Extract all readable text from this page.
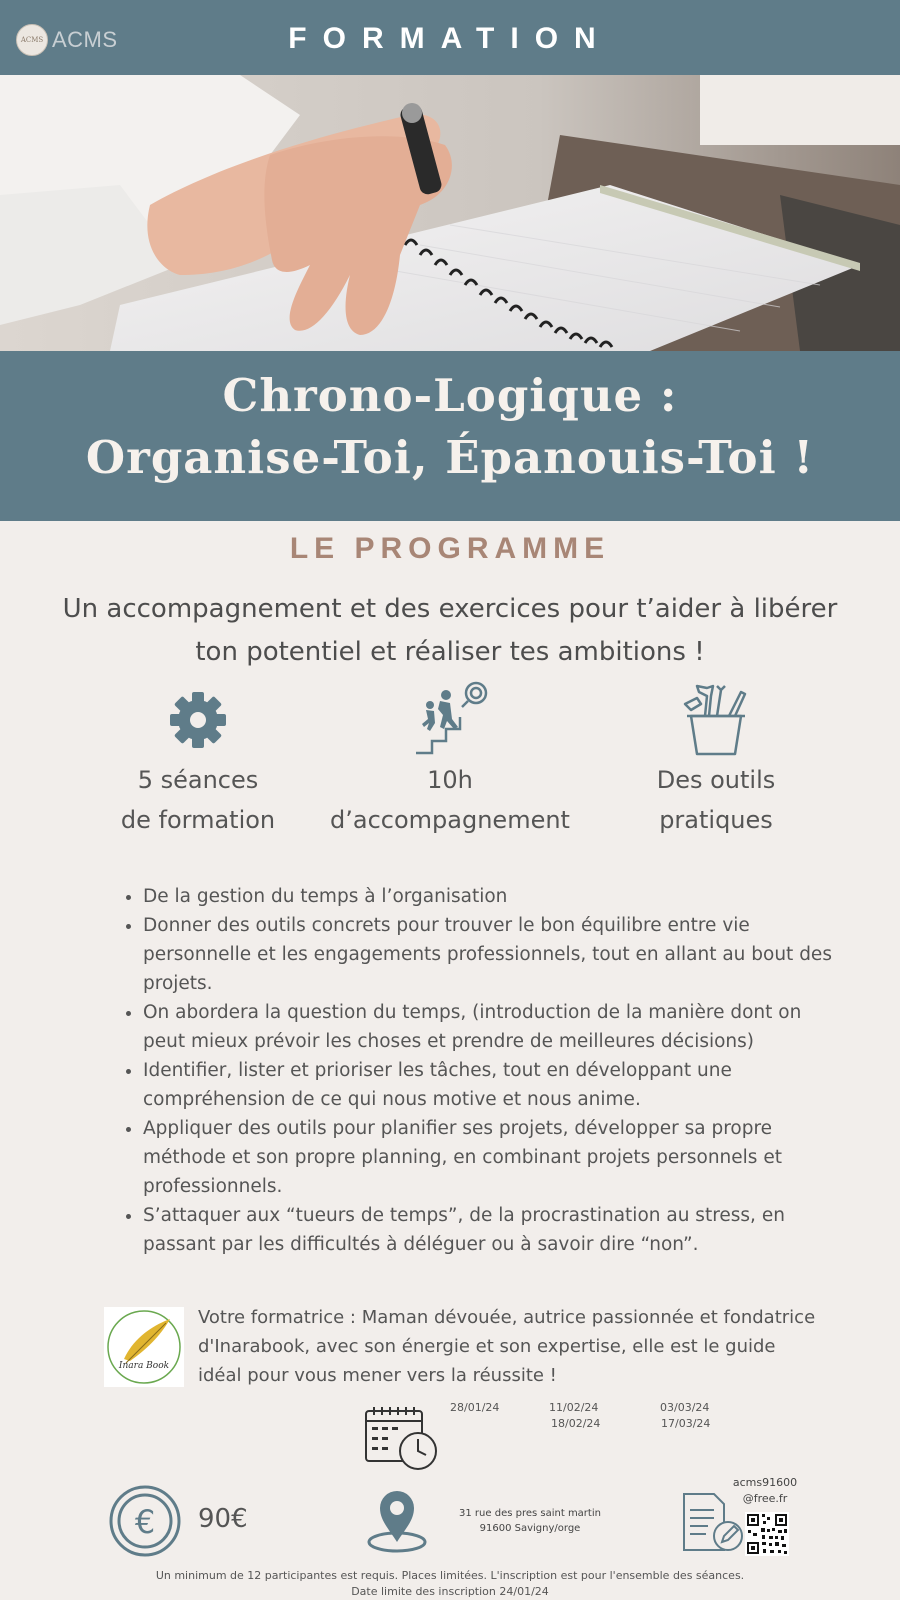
ACMS ACMS	FORMATION
Chrono-Logique :
Organise-Toi, Épanouis-Toi !
LE PROGRAMME
Un accompagnement et des exercices pour t’aider à libérer ton potentiel et réaliser tes ambitions !
5 séances
de formation
10h
d’accompagnement
Des outils
pratiques
• De la gestion du temps à l’organisation
• Donner des outils concrets pour trouver le bon équilibre entre vie personnelle et les engagements professionnels, tout en allant au bout des projets.
• On abordera la question du temps, (introduction de la manière dont on peut mieux prévoir les choses et prendre de meilleures décisions)
• Identifier, lister et prioriser les tâches, tout en développant une compréhension de ce qui nous motive et nous anime.
• Appliquer des outils pour planifier ses projets, développer sa propre méthode et son propre planning, en combinant projets personnels et professionnels.
• S’attaquer aux “tueurs de temps”, de la procrastination au stress, en passant par les difficultés à déléguer ou à savoir dire “non”.
Inara Book
Votre formatrice : Maman dévouée, autrice passionnée et fondatrice d'Inarabook, avec son énergie et son expertise, elle est le guide idéal pour vous mener vers la réussite !
28/01/24	11/02/24
18/02/24
03/03/24
17/03/24
€ 90€	31 rue des pres saint martin
91600 Savigny/orge
acms91600
@free.fr
Un minimum de 12 participantes est requis. Places limitées. L'inscription est pour l'ensemble des séances.
Date limite des inscription 24/01/24
